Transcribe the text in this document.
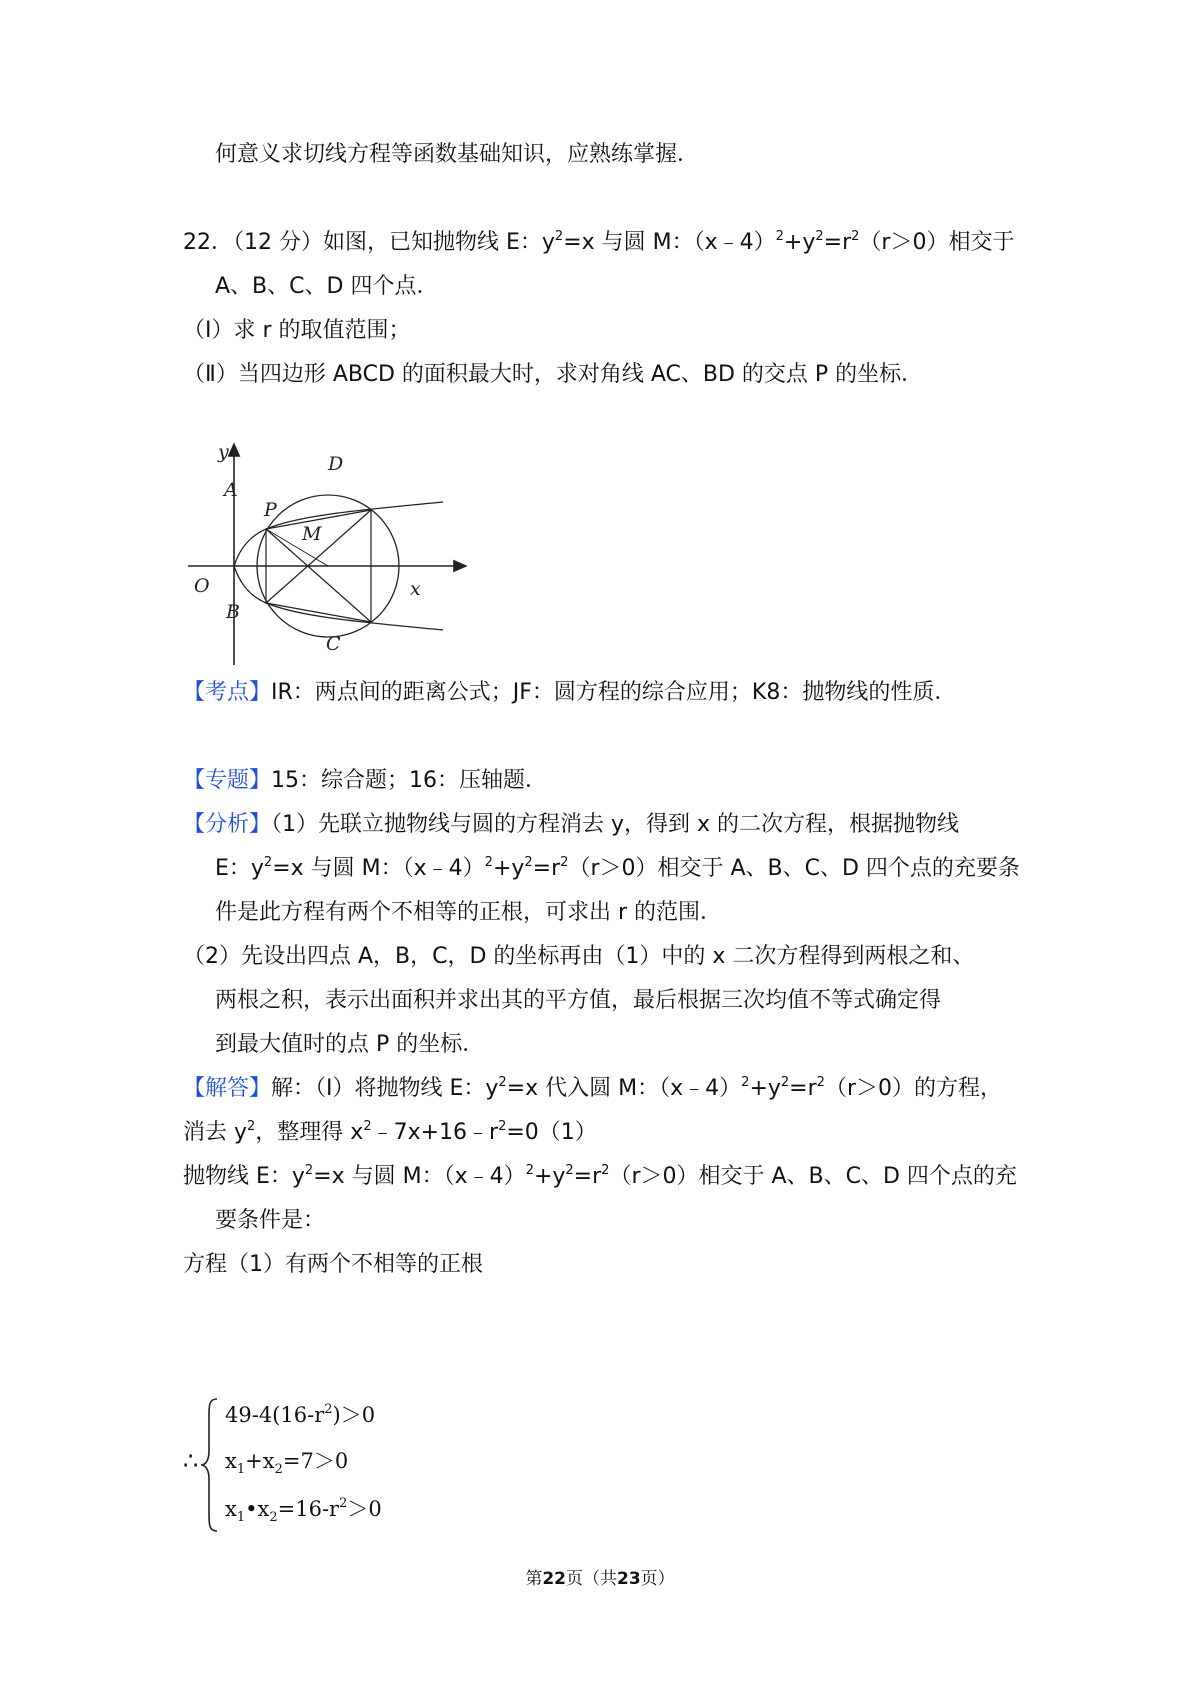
何意义求切线方程等函数基础知识，应熟练掌握．
22．（12 分）如图，已知抛物线 E：$y^2=x$ 与圆 M：$(x﹣4)^2+y^2=r^2(r>0)$相交于
A、B、C、D 四个点．
（Ⅰ）求 r 的取值范围；
（Ⅱ）当四边形 ABCD 的面积最大时，求对角线 AC、BD 的交点 P 的坐标．
y
x
O
A
B
C
D
P
M
【考点】IR：两点间的距离公式；JF：圆方程的综合应用；K8：抛物线的性质．
【专题】15：综合题；16：压轴题．
【分析】（1）先联立抛物线与圆的方程消去 y，得到 x 的二次方程，根据抛物线
E：$y^2=x$ 与圆 M：$(x﹣4)^2+y^2=r^2(r>0)$相交于 A、B、C、D 四个点的充要条
件是此方程有两个不相等的正根，可求出 r 的范围．
（2）先设出四点 A，B，C，D 的坐标再由（1）中的 x 二次方程得到两根之和、
两根之积，表示出面积并求出其的平方值，最后根据三次均值不等式确定得
到最大值时的点 P 的坐标．
【解答】解：（Ⅰ）将抛物线 E：$y^2=x$ 代入圆 M：$(x﹣4)^2+y^2=r^2(r>0)$的方程，
消去 $y^2$，整理得 $x^2﹣7x+16﹣r^2=0(1)$
抛物线 E：$y^2=x$ 与圆 M：$(x﹣4)^2+y^2=r^2(r>0)$相交于 A、B、C、D 四个点的充
要条件是：
方程（1）有两个不相等的正根
∴
$49-4(16-r^2)>0$
$x_1+x_2=7>0$
$x_1•x_2=16-r^2>0$
第22页（共23页）
